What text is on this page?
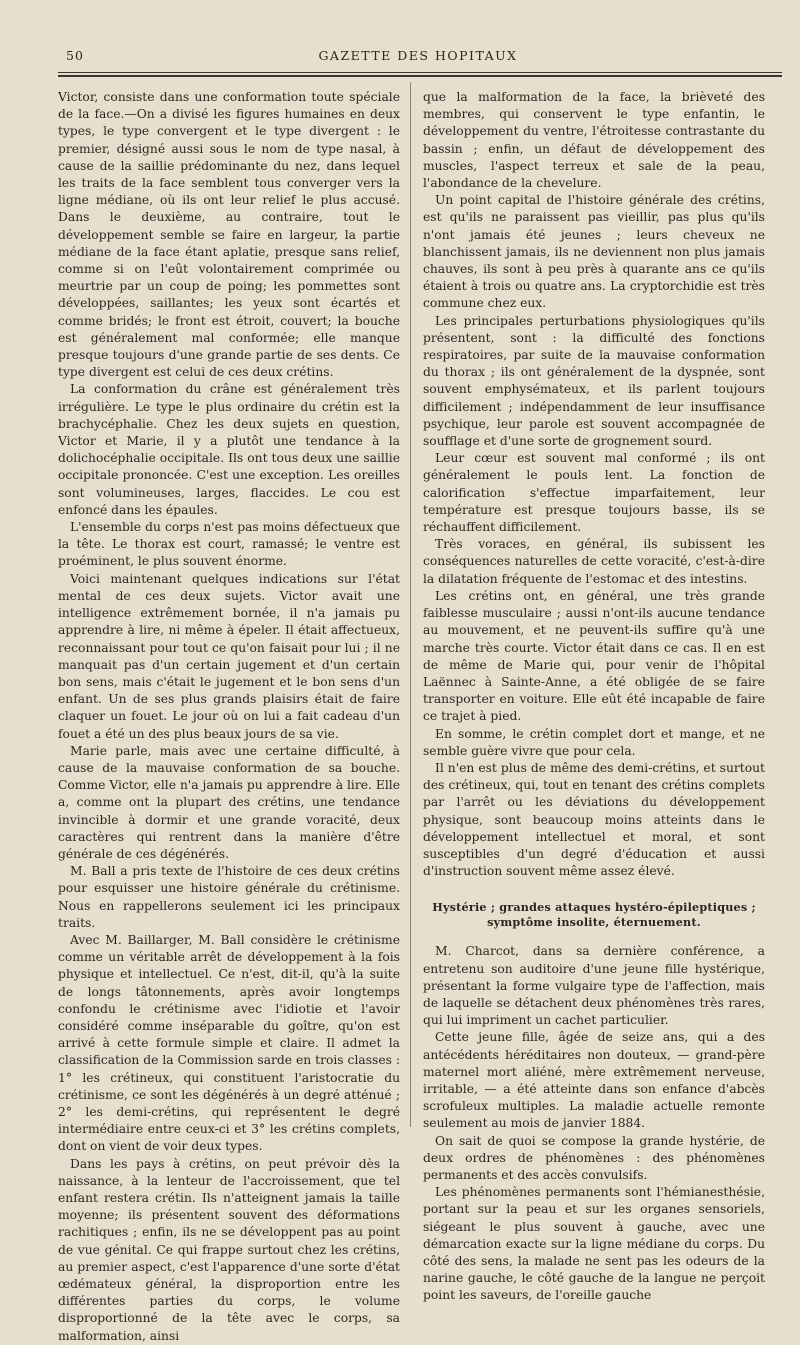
50	GAZETTE DES HOPITAUX

Victor, consiste dans une conformation toute spéciale de la face.—On a divisé les figures humaines en deux types, le type convergent et le type divergent : le premier, désigné aussi sous le nom de type nasal, à cause de la saillie prédominante du nez, dans lequel les traits de la face semblent tous converger vers la ligne médiane, où ils ont leur relief le plus accusé. Dans le deuxième, au contraire, tout le développement semble se faire en largeur, la partie médiane de la face étant aplatie, presque sans relief, comme si on l'eût volontairement comprimée ou meurtrie par un coup de poing; les pommettes sont développées, saillantes; les yeux sont écartés et comme bridés; le front est étroit, couvert; la bouche est généralement mal conformée; elle manque presque toujours d'une grande partie de ses dents. Ce type divergent est celui de ces deux crétins.

La conformation du crâne est généralement très irrégulière. Le type le plus ordinaire du crétin est la brachycéphalie. Chez les deux sujets en question, Victor et Marie, il y a plutôt une tendance à la dolichocéphalie occipitale. Ils ont tous deux une saillie occipitale prononcée. C'est une exception. Les oreilles sont volumineuses, larges, flaccides. Le cou est enfoncé dans les épaules.

L'ensemble du corps n'est pas moins défectueux que la tête. Le thorax est court, ramassé; le ventre est proéminent, le plus souvent énorme.

Voici maintenant quelques indications sur l'état mental de ces deux sujets. Victor avait une intelligence extrêmement bornée, il n'a jamais pu apprendre à lire, ni même à épeler. Il était affectueux, reconnaissant pour tout ce qu'on faisait pour lui ; il ne manquait pas d'un certain jugement et d'un certain bon sens, mais c'était le jugement et le bon sens d'un enfant. Un de ses plus grands plaisirs était de faire claquer un fouet. Le jour où on lui a fait cadeau d'un fouet a été un des plus beaux jours de sa vie.

Marie parle, mais avec une certaine difficulté, à cause de la mauvaise conformation de sa bouche. Comme Victor, elle n'a jamais pu apprendre à lire. Elle a, comme ont la plupart des crétins, une tendance invincible à dormir et une grande voracité, deux caractères qui rentrent dans la manière d'être générale de ces dégénérés.

M. Ball a pris texte de l'histoire de ces deux crétins pour esquisser une histoire générale du crétinisme. Nous en rappellerons seulement ici les principaux traits.

Avec M. Baillarger, M. Ball considère le crétinisme comme un véritable arrêt de développement à la fois physique et intellectuel. Ce n'est, dit-il, qu'à la suite de longs tâtonnements, après avoir longtemps confondu le crétinisme avec l'idiotie et l'avoir considéré comme inséparable du goître, qu'on est arrivé à cette formule simple et claire. Il admet la classification de la Commission sarde en trois classes : 1° les crétineux, qui constituent l'aristocratie du crétinisme, ce sont les dégénérés à un degré atténué ; 2° les demi-crétins, qui représentent le degré intermédiaire entre ceux-ci et 3° les crétins complets, dont on vient de voir deux types.

Dans les pays à crétins, on peut prévoir dès la naissance, à la lenteur de l'accroissement, que tel enfant restera crétin. Ils n'atteignent jamais la taille moyenne; ils présentent souvent des déformations rachitiques ; enfin, ils ne se développent pas au point de vue génital. Ce qui frappe surtout chez les crétins, au premier aspect, c'est l'apparence d'une sorte d'état œdémateux général, la disproportion entre les différentes parties du corps, le volume disproportionné de la tête avec le corps, sa malformation, ainsi

que la malformation de la face, la brièveté des membres, qui conservent le type enfantin, le développement du ventre, l'étroitesse contrastante du bassin ; enfin, un défaut de développement des muscles, l'aspect terreux et sale de la peau, l'abondance de la chevelure.

Un point capital de l'histoire générale des crétins, est qu'ils ne paraissent pas vieillir, pas plus qu'ils n'ont jamais été jeunes ; leurs cheveux ne blanchissent jamais, ils ne deviennent non plus jamais chauves, ils sont à peu près à quarante ans ce qu'ils étaient à trois ou quatre ans. La cryptorchidie est très commune chez eux.

Les principales perturbations physiologiques qu'ils présentent, sont : la difficulté des fonctions respiratoires, par suite de la mauvaise conformation du thorax ; ils ont généralement de la dyspnée, sont souvent emphysémateux, et ils parlent toujours difficilement ; indépendamment de leur insuffisance psychique, leur parole est souvent accompagnée de soufflage et d'une sorte de grognement sourd.

Leur cœur est souvent mal conformé ; ils ont généralement le pouls lent. La fonction de calorification s'effectue imparfaitement, leur température est presque toujours basse, ils se réchauffent difficilement.

Très voraces, en général, ils subissent les conséquences naturelles de cette voracité, c'est-à-dire la dilatation fréquente de l'estomac et des intestins.

Les crétins ont, en général, une très grande faiblesse musculaire ; aussi n'ont-ils aucune tendance au mouvement, et ne peuvent-ils suffire qu'à une marche très courte. Victor était dans ce cas. Il en est de même de Marie qui, pour venir de l'hôpital Laënnec à Sainte-Anne, a été obligée de se faire transporter en voiture. Elle eût été incapable de faire ce trajet à pied.

En somme, le crétin complet dort et mange, et ne semble guère vivre que pour cela.

Il n'en est plus de même des demi-crétins, et surtout des crétineux, qui, tout en tenant des crétins complets par l'arrêt ou les déviations du développement physique, sont beaucoup moins atteints dans le développement intellectuel et moral, et sont susceptibles d'un degré d'éducation et aussi d'instruction souvent même assez élevé.

Hystérie ; grandes attaques hystéro-épileptiques ; symptôme insolite, éternuement.

M. Charcot, dans sa dernière conférence, a entretenu son auditoire d'une jeune fille hystérique, présentant la forme vulgaire type de l'affection, mais de laquelle se détachent deux phénomènes très rares, qui lui impriment un cachet particulier.

Cette jeune fille, âgée de seize ans, qui a des antécédents héréditaires non douteux, — grand-père maternel mort aliéné, mère extrêmement nerveuse, irritable, — a été atteinte dans son enfance d'abcès scrofuleux multiples. La maladie actuelle remonte seulement au mois de janvier 1884.

On sait de quoi se compose la grande hystérie, de deux ordres de phénomènes : des phénomènes permanents et des accès convulsifs.

Les phénomènes permanents sont l'hémianesthésie, portant sur la peau et sur les organes sensoriels, siégeant le plus souvent à gauche, avec une démarcation exacte sur la ligne médiane du corps. Du côté des sens, la malade ne sent pas les odeurs de la narine gauche, le côté gauche de la langue ne perçoit point les saveurs, de l'oreille gauche
